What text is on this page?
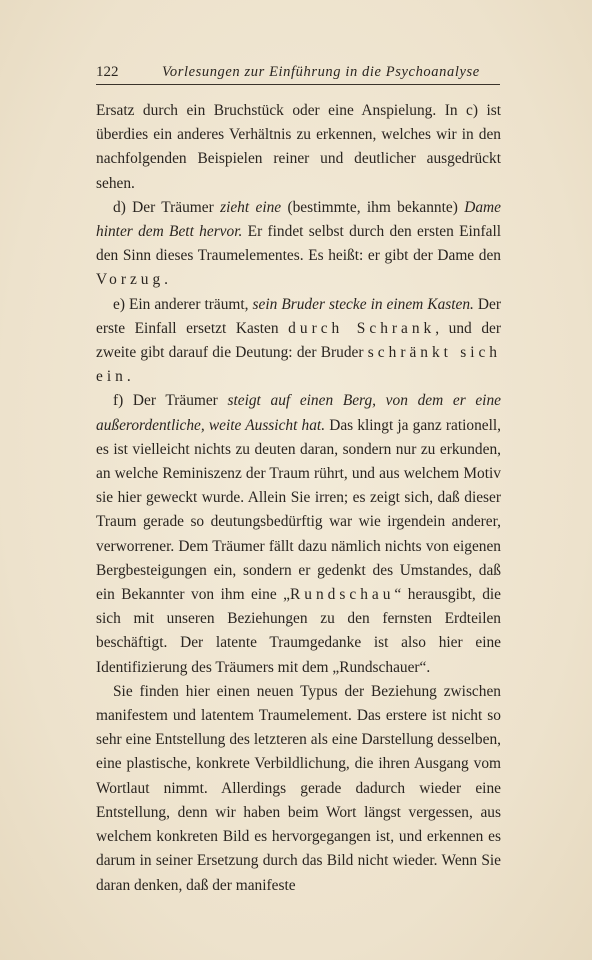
122	Vorlesungen zur Einführung in die Psychoanalyse

Ersatz durch ein Bruchstück oder eine Anspielung. In c) ist überdies ein anderes Verhältnis zu erkennen, welches wir in den nachfolgenden Beispielen reiner und deutlicher ausgedrückt sehen.

d) Der Träumer zieht eine (bestimmte, ihm bekannte) Dame hinter dem Bett hervor. Er findet selbst durch den ersten Einfall den Sinn dieses Traumelementes. Es heißt: er gibt der Dame den Vorzug.

e) Ein anderer träumt, sein Bruder stecke in einem Kasten. Der erste Einfall ersetzt Kasten durch Schrank, und der zweite gibt darauf die Deutung: der Bruder schränkt sich ein.

f) Der Träumer steigt auf einen Berg, von dem er eine außerordentliche, weite Aussicht hat. Das klingt ja ganz rationell, es ist vielleicht nichts zu deuten daran, sondern nur zu erkunden, an welche Reminiszenz der Traum rührt, und aus welchem Motiv sie hier geweckt wurde. Allein Sie irren; es zeigt sich, daß dieser Traum gerade so deutungsbedürftig war wie irgendein anderer, verworrener. Dem Träumer fällt dazu nämlich nichts von eigenen Bergbesteigungen ein, sondern er gedenkt des Umstandes, daß ein Bekannter von ihm eine „Rundschau“ herausgibt, die sich mit unseren Beziehungen zu den fernsten Erdteilen beschäftigt. Der latente Traumgedanke ist also hier eine Identifizierung des Träumers mit dem „Rundschauer“.

Sie finden hier einen neuen Typus der Beziehung zwischen manifestem und latentem Traumelement. Das erstere ist nicht so sehr eine Entstellung des letzteren als eine Darstellung desselben, eine plastische, konkrete Verbildlichung, die ihren Ausgang vom Wortlaut nimmt. Allerdings gerade dadurch wieder eine Entstellung, denn wir haben beim Wort längst vergessen, aus welchem konkreten Bild es hervorgegangen ist, und erkennen es darum in seiner Ersetzung durch das Bild nicht wieder. Wenn Sie daran denken, daß der manifeste
